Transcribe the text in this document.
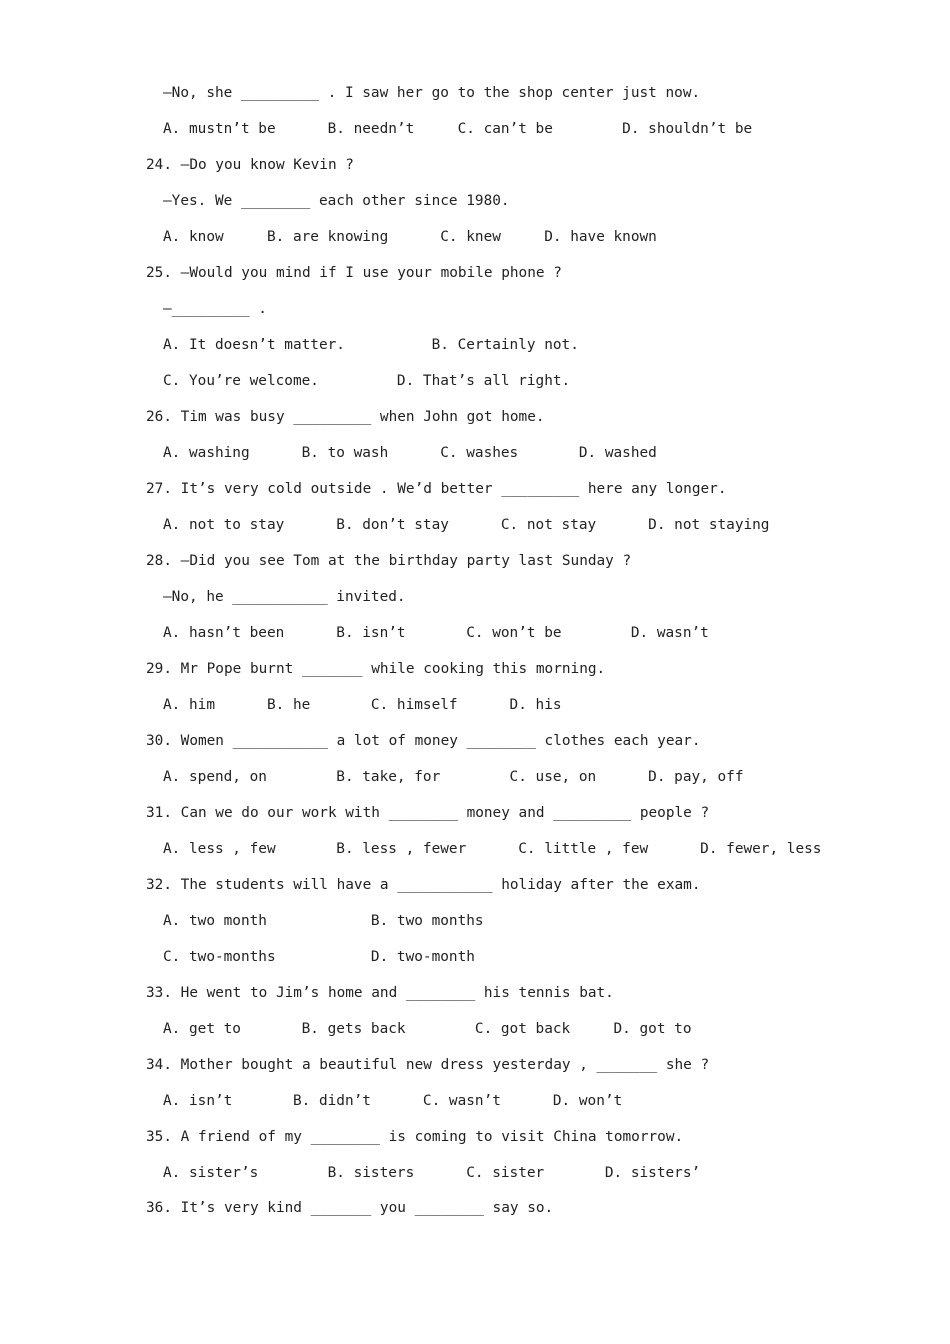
—No, she _________ . I saw her go to the shop center just now.
A. mustn’t be      B. needn’t     C. can’t be        D. shouldn’t be
24. —Do you know Kevin ?
—Yes. We ________ each other since 1980.
A. know     B. are knowing      C. knew     D. have known
25. —Would you mind if I use your mobile phone ?
—_________ .
A. It doesn’t matter.          B. Certainly not.
C. You’re welcome.         D. That’s all right.
26. Tim was busy _________ when John got home.
A. washing      B. to wash      C. washes       D. washed
27. It’s very cold outside . We’d better _________ here any longer.
A. not to stay      B. don’t stay      C. not stay      D. not staying
28. —Did you see Tom at the birthday party last Sunday ?
—No, he ___________ invited.
A. hasn’t been      B. isn’t       C. won’t be        D. wasn’t
29. Mr Pope burnt _______ while cooking this morning.
A. him      B. he       C. himself      D. his
30. Women ___________ a lot of money ________ clothes each year.
A. spend, on        B. take, for        C. use, on      D. pay, off
31. Can we do our work with ________ money and _________ people ?
A. less , few       B. less , fewer      C. little , few      D. fewer, less
32. The students will have a ___________ holiday after the exam.
A. two month            B. two months
C. two-months           D. two-month
33. He went to Jim’s home and ________ his tennis bat.
A. get to       B. gets back        C. got back     D. got to
34. Mother bought a beautiful new dress yesterday , _______ she ?
A. isn’t       B. didn’t      C. wasn’t      D. won’t
35. A friend of my ________ is coming to visit China tomorrow.
A. sister’s        B. sisters      C. sister       D. sisters’
36. It’s very kind _______ you ________ say so.
